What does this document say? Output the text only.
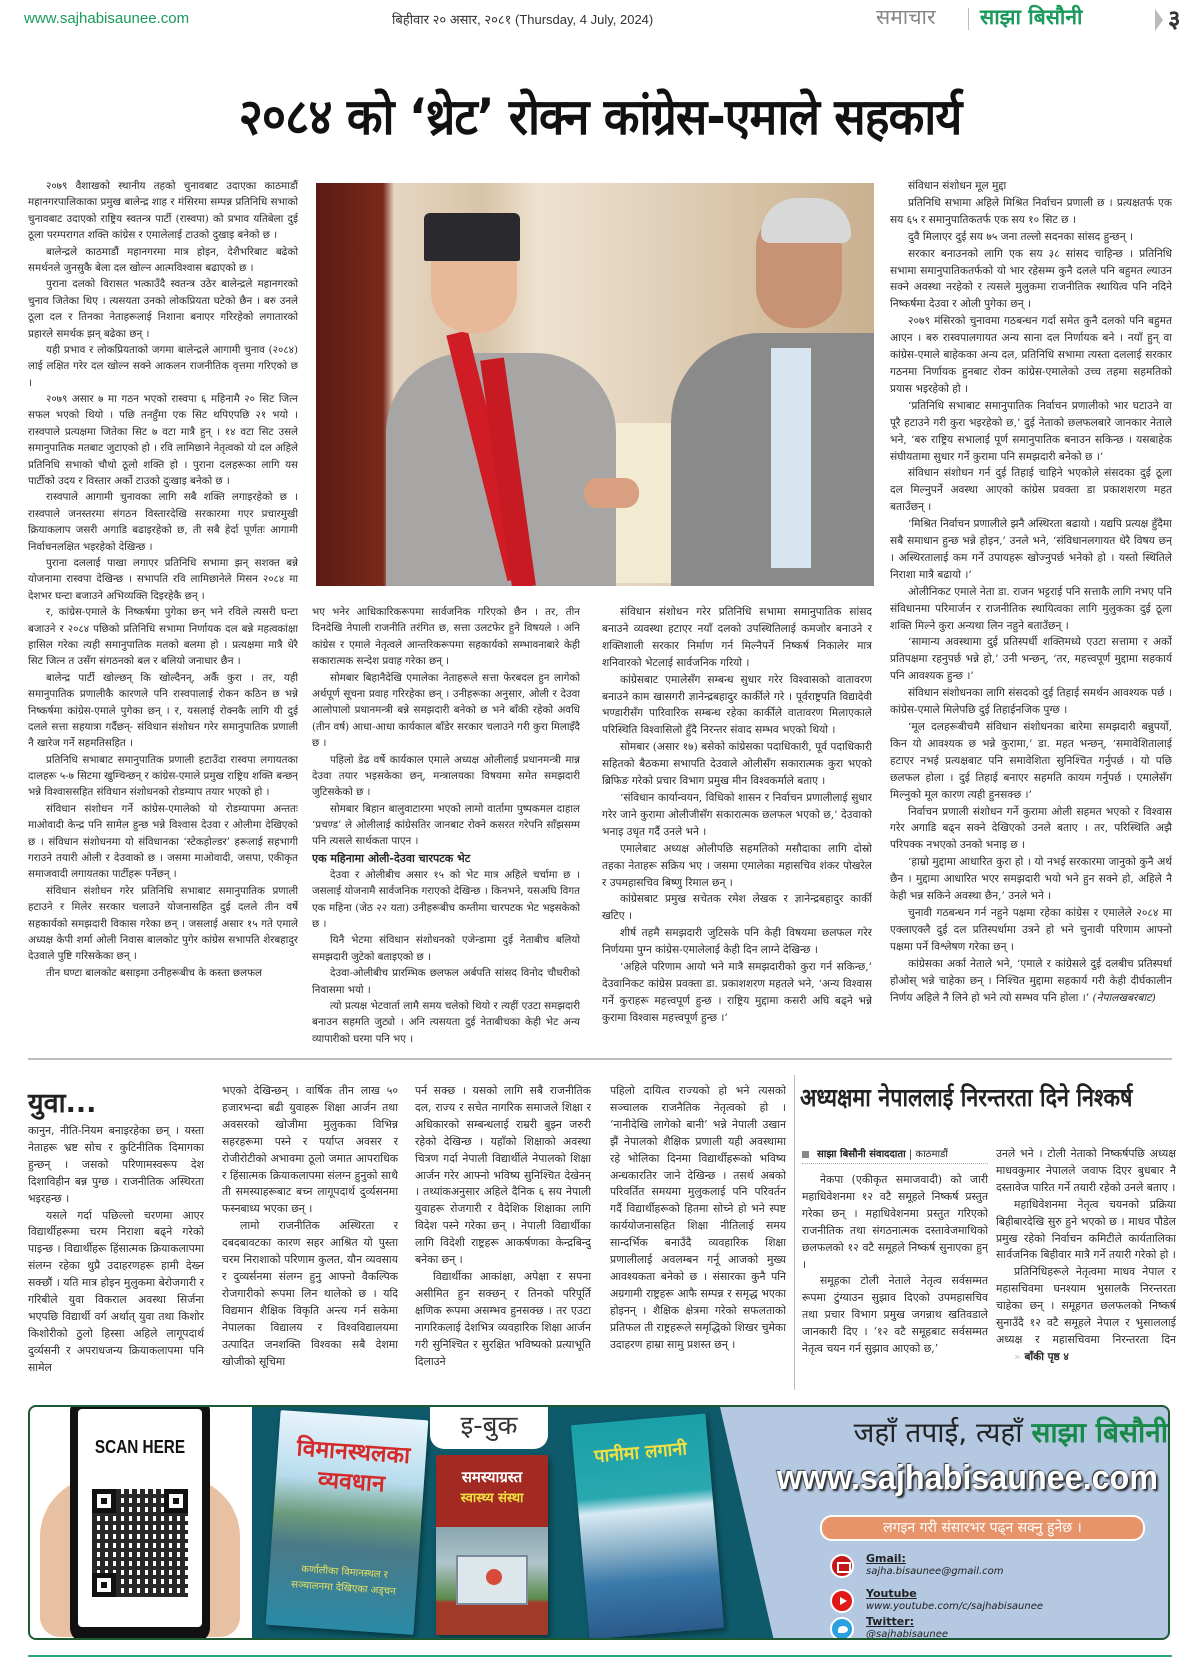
www.sajhabisaunee.com	बिहीवार २० असार, २०८१ (Thursday, 4 July, 2024)	समाचार साझा बिसौनी	३
२०८४ को ‘थ्रेट’ रोक्न कांग्रेस-एमाले सहकार्य

२०७९ वैशाखको स्थानीय तहको चुनावबाट उदाएका काठमाडौं महानगरपालिकाका प्रमुख बालेन्द्र शाह र मंसिरमा सम्पन्न प्रतिनिधि सभाको चुनावबाट उदाएको राष्ट्रिय स्वतन्त्र पार्टी (रास्वपा) को प्रभाव यतिबेला दुई ठूला परम्परागत शक्ति कांग्रेस र एमालेलाई टाउको दुखाइ बनेको छ ।

बालेन्द्रले काठमाडौं महानगरमा मात्र होइन, देशैभरिबाट बढेको समर्थनले जुनसुकै बेला दल खोल्न आत्मविश्वास बढाएको छ ।

पुराना दलको विरासत भत्काउँदै स्वतन्त्र उठेर बालेन्द्रले महानगरको चुनाव जितेका थिए । त्यसयता उनको लोकप्रियता घटेको छैन । बरु उनले ठूला दल र तिनका नेताहरूलाई निशाना बनाएर गरिरहेको लगातारको प्रहारले समर्थक झन् बढेका छन् ।

यही प्रभाव र लोकप्रियताको जगमा बालेन्द्रले आगामी चुनाव (२०८४) लाई लक्षित गरेर दल खोल्न सक्ने आकलन राजनीतिक वृत्तमा गरिएको छ ।

२०७९ असार ७ मा गठन भएको रास्वपा ६ महिनामै २० सिट जित्न सफल भएको थियो । पछि तनहुँमा एक सिट थपिएपछि २१ भयो । रास्वपाले प्रत्यक्षमा जितेका सिट ७ वटा मात्रै हुन् । १४ वटा सिट उसले समानुपातिक मतबाट जुटाएको हो । रवि लामिछाने नेतृत्वको यो दल अहिले प्रतिनिधि सभाको चौथो ठूलो शक्ति हो । पुराना दलहरूका लागि यस पार्टीको उदय र विस्तार अर्को टाउको दुःखाइ बनेको छ ।

रास्वपाले आगामी चुनावका लागि सबै शक्ति लगाइरहेको छ । रास्वपाले जनस्तरमा संगठन विस्तारदेखि सरकारमा गएर प्रचारमुखी क्रियाकलाप जसरी अगाडि बढाइरहेको छ, ती सबै हेर्दा पूर्णतः आगामी निर्वाचनलक्षित भइरहेको देखिन्छ ।

पुराना दललाई पाखा लगाएर प्रतिनिधि सभामा झन् सशक्त बन्ने योजनामा रास्वपा देखिन्छ । सभापति रवि लामिछानेले मिसन २०८४ मा देशभर घन्टा बजाउने अभिव्यक्ति दिइरहेकै छन् ।

र, कांग्रेस-एमाले के निष्कर्षमा पुगेका छन् भने रविले त्यसरी घन्टा बजाउने र २०८४ पछिको प्रतिनिधि सभामा निर्णायक दल बन्ने महत्वकांक्षा हासिल गरेका त्यही समानुपातिक मतको बलमा हो । प्रत्यक्षमा मात्रै धेरै सिट जित्न त उसँग संगठनको बल र बलियो जनाधार छैन ।

बालेन्द्र पार्टी खोल्छन् कि खोल्दैनन्, अर्कै कुरा । तर, यही समानुपातिक प्रणालीकै कारणले पनि रास्वपालाई रोकन कठिन छ भन्ने निष्कर्षमा कांग्रेस-एमाले पुगेका छन् । र, यसलाई रोक्नकै लागि यी दुई दलले सत्ता सहयात्रा गर्दैछन्- संविधान संशोधन गरेर समानुपातिक प्रणाली नै खारेज गर्ने सहमतिसहित ।

प्रतिनिधि सभाबाट समानुपातिक प्रणाली हटाउँदा रास्वपा लगायतका दालहरू ५-७ सिटमा खुम्चिन्छन् र कांग्रेस-एमाले प्रमुख राष्ट्रिय शक्ति बन्छन् भन्ने विश्वाससहित संविधान संशोधनको रोडम्याप तयार भएको हो ।

संविधान संशोधन गर्ने कांग्रेस-एमालेको यो रोडम्यापमा अन्ततः माओवादी केन्द्र पनि सामेल हुन्छ भन्ने विश्वास देउवा र ओलीमा देखिएको छ । संविधान संशोधनमा यो संविधानका ‘स्टेकहोल्डर’ हरूलाई सहभागी गराउने तयारी ओली र देउवाको छ । जसमा माओवादी, जसपा, एकीकृत समाजवादी लगायतका पार्टीहरू पर्नेछन् ।

संविधान संशोधन गरेर प्रतिनिधि सभाबाट समानुपातिक प्रणाली हटाउने र मिलेर सरकार चलाउने योजनासहित दुई दलले तीन वर्षे सहकार्यको समझदारी विकास गरेका छन् । जसलाई असार १५ गते एमाले अध्यक्ष केपी शर्मा ओली निवास बालकोट पुगेर कांग्रेस सभापति शेरबहादुर देउवाले पुष्टि गरिसकेका छन् ।

तीन घण्टा बालकोट बसाइमा उनीहरूबीच के कस्ता छलफल

भए भनेर आधिकारिकरूपमा सार्वजनिक गरिएको छैन । तर, तीन दिनदेखि नेपाली राजनीति तरंगित छ, सत्ता उलटफेर हुने विषयले । अनि कांग्रेस र एमाले नेतृत्वले आन्तरिकरूपमा सहकार्यको सम्भावनाबारे केही सकारात्मक सन्देश प्रवाह गरेका छन् ।

सोमबार बिहानैदेखि एमालेका नेताहरूले सत्ता फेरबदल हुन लागेको अर्थपूर्ण सूचना प्रवाह गरिरहेका छन् । उनीहरूका अनुसार, ओली र देउवा आलोपालो प्रधानमन्त्री बन्ने समझदारी बनेको छ भने बाँकी रहेको अवधि (तीन वर्ष) आधा-आधा कार्यकाल बाँडेर सरकार चलाउने गरी कुरा मिलाइँदै छ ।

पहिलो डेढ वर्षे कार्यकाल एमाले अध्यक्ष ओलीलाई प्रधानमन्त्री मान्न देउवा तयार भइसकेका छन्, मन्त्रालयका विषयमा समेत समझदारी जुटिसकेको छ ।

सोमबार बिहान बालुवाटारमा भएको लामो वार्तामा पुष्पकमल दाहाल ‘प्रचण्ड’ ले ओलीलाई कांग्रेसतिर जानबाट रोक्ने कसरत गरेपनि साँझसम्म पनि त्यसले सार्थकता पाएन ।

एक महिनामा ओली-देउवा चारपटक भेट

देउवा र ओलीबीच असार १५ को भेट मात्र अहिले चर्चामा छ । जसलाई योजनामै सार्वजनिक गराएको देखिन्छ । किनभने, यसअघि विगत एक महिना (जेठ २२ यता) उनीहरूबीच कम्तीमा चारपटक भेट भइसकेको छ ।

यिनै भेटमा संविधान संशोधनको एजेन्डामा दुई नेताबीच बलियो समझदारी जुटेको बताइएको छ ।

देउवा-ओलीबीच प्रारम्भिक छलफल अर्बपति सांसद विनोद चौधरीको निवासमा भयो ।

त्यो प्रत्यक्ष भेटवार्ता लामै समय चलेको थियो र त्यहीं एउटा समझदारी बनाउन सहमति जुट्यो । अनि त्यसयता दुई नेताबीचका केही भेट अन्य व्यापारीको घरमा पनि भए ।

संविधान संशोधन गरेर प्रतिनिधि सभामा समानुपातिक सांसद बनाउने व्यवस्था हटाएर नयाँ दलको उपस्थितिलाई कमजोर बनाउने र शक्तिशाली सरकार निर्माण गर्न मिल्नैपर्ने निष्कर्ष निकालेर मात्र शनिवारको भेटलाई सार्वजनिक गरियो ।

कांग्रेसबाट एमालेसँग सम्बन्ध सुधार गरेर विश्वासको वातावरण बनाउने काम खासगरी ज्ञानेन्द्रबहादुर कार्कीले गरे । पूर्वराष्ट्रपति विद्यादेवी भण्डारीसँग पारिवारिक सम्बन्ध रहेका कार्कीले वातावरण मिलाएकाले परिस्थिति विश्वासिलो हुँदै निरन्तर संवाद सम्भव भएको थियो ।

सोमबार (असार १७) बसेको कांग्रेसका पदाधिकारी, पूर्व पदाधिकारी सहितको बैठकमा सभापति देउवाले ओलीसँग सकारात्मक कुरा भएको ब्रिफिङ गरेको प्रचार विभाग प्रमुख मीन विश्वकर्माले बताए ।

‘संविधान कार्यान्वयन, विधिको शासन र निर्वाचन प्रणालीलाई सुधार गरेर जाने कुरामा ओलीजीसँग सकारात्मक छलफल भएको छ,’ देउवाको भनाइ उधृत गर्दै उनले भने ।

एमालेबाट अध्यक्ष ओलीपछि सहमतिको मसौदाका लागि दोस्रो तहका नेताहरू सक्रिय भए । जसमा एमालेका महासचिव शंकर पोखरेल र उपमहासचिव बिष्णु रिमाल छन् ।

कांग्रेसबाट प्रमुख सचेतक रमेश लेखक र ज्ञानेन्द्रबहादुर कार्की खटिए ।

शीर्ष तहमै समझदारी जुटिसके पनि केही विषयमा छलफल गरेर निर्णयमा पुग्न कांग्रेस-एमालेलाई केही दिन लाग्ने देखिन्छ ।

‘अहिले परिणाम आयो भने मात्रै समझदारीको कुरा गर्न सकिन्छ,’ देउवानिकट कांग्रेस प्रवक्ता डा. प्रकाशशरण महतले भने, ‘अन्य विश्वास गर्ने कुराहरू महत्त्वपूर्ण हुन्छ । राष्ट्रिय मुद्दामा कसरी अघि बढ्ने भन्ने कुरामा विश्वास महत्त्वपूर्ण हुन्छ ।’

संविधान संशोधन मूल मुद्दा

प्रतिनिधि सभामा अहिले मिश्रित निर्वाचन प्रणाली छ । प्रत्यक्षतर्फ एक सय ६५ र समानुपातिकतर्फ एक सय १० सिट छ ।

दुवै मिलाएर दुई सय ७५ जना तल्लो सदनका सांसद हुन्छन् ।

सरकार बनाउनको लागि एक सय ३८ सांसद चाहिन्छ । प्रतिनिधि सभामा समानुपातिकतर्फको यो भार रहेसम्म कुनै दलले पनि बहुमत ल्याउन सक्ने अवस्था नरहेको र त्यसले मुलुकमा राजनीतिक स्थायित्व पनि नदिने निष्कर्षमा देउवा र ओली पुगेका छन् ।

२०७९ मंसिरको चुनावमा गठबन्धन गर्दा समेत कुनै दलको पनि बहुमत आएन । बरु रास्वपालगायत अन्य साना दल निर्णायक बने । नयाँ हुन् वा कांग्रेस-एमाले बाहेकका अन्य दल, प्रतिनिधि सभामा त्यस्ता दललाई सरकार गठनमा निर्णायक हुनबाट रोक्न कांग्रेस-एमालेको उच्च तहमा सहमतिको प्रयास भइरहेको हो ।

‘प्रतिनिधि सभाबाट समानुपातिक निर्वाचन प्रणालीको भार घटाउने वा पूरै हटाउने गरी कुरा भइरहेको छ,’ दुई नेताको छलफलबारे जानकार नेताले भने, ‘बरु राष्ट्रिय सभालाई पूर्ण समानुपातिक बनाउन सकिन्छ । यसबाहेक संघीयतामा सुधार गर्ने कुरामा पनि समझदारी बनेको छ ।’

संविधान संशोधन गर्न दुई तिहाई चाहिने भएकोले संसदका दुई ठूला दल मिल्नुपर्ने अवस्था आएको कांग्रेस प्रवक्ता डा प्रकाशशरण महत बताउँछन् ।

‘मिश्रित निर्वाचन प्रणालीले झनै अस्थिरता बढायो । यद्यपि प्रत्यक्ष हुँदैमा सबै समाधान हुन्छ भन्ने होइन,’ उनले भने, ‘संविधानलगायत धेरै विषय छन् । अस्थिरतालाई कम गर्ने उपायहरू खोज्नुपर्छ भनेको हो । यस्तो स्थितिले निराशा मात्रै बढायो ।’

ओलीनिकट एमाले नेता डा. राजन भट्टराई पनि सत्ताकै लागि नभए पनि संविधानमा परिमार्जन र राजनीतिक स्थायित्वका लागि मुलुकका दुई ठूला शक्ति मिल्ने कुरा अन्यथा लिन नहुने बताउँछन् ।

‘सामान्य अवस्थामा दुई प्रतिस्पर्धी शक्तिमध्ये एउटा सत्तामा र अर्को प्रतिपक्षमा रहनुपर्छ भन्ने हो,’ उनी भन्छन्, ‘तर, महत्त्वपूर्ण मुद्दामा सहकार्य पनि आवश्यक हुन्छ ।’

संविधान संशोधनका लागि संसदको दुई तिहाई समर्थन आवश्यक पर्छ । कांग्रेस-एमाले मिलेपछि दुई तिहाईनजिक पुग्छ ।

‘मूल दलहरूबीचमै संविधान संशोधनका बारेमा समझदारी बन्नुपर्यो, किन यो आवश्यक छ भन्ने कुरामा,’ डा. महत भन्छन्, ‘समावेशितालाई हटाएर नभई प्रत्यक्षबाट पनि समावेशिता सुनिश्चित गर्नुपर्छ । यो पछि छलफल होला । दुई तिहाई बनाएर सहमति कायम गर्नुपर्छ । एमालेसँग मिल्नुको मूल कारण त्यही हुनसक्छ ।’

निर्वाचन प्रणाली संशोधन गर्ने कुरामा ओली सहमत भएको र विश्वास गरेर अगाडि बढ्न सक्ने देखिएको उनले बताए । तर, परिस्थिति अझै परिपक्क नभएको उनको भनाइ छ ।

‘हाम्रो मुद्दामा आधारित कुरा हो । यो नभई सरकारमा जानुको कुनै अर्थ छैन । मुद्दामा आधारित भएर समझदारी भयो भने हुन सक्ने हो, अहिले नै केही भन्न सकिने अवस्था छैन,’ उनले भने ।

चुनावी गठबन्धन गर्न नहुने पक्षमा रहेका कांग्रेस र एमालेले २०८४ मा एक्लाएक्लै दुई दल प्रतिस्पर्धामा उत्रने हो भने चुनावी परिणाम आफ्नो पक्षमा पर्ने विश्लेषण गरेका छन् ।

कांग्रेसका अर्का नेताले भने, ‘एमाले र कांग्रेसले दुई दलबीच प्रतिस्पर्धा होओस् भन्ने चाहेका छन् । निश्चित मुद्दामा सहकार्य गरी केही दीर्घकालीन निर्णय अहिले नै लिने हो भने त्यो सम्भव पनि होला ।’ (नेपालखबरबाट)

युवा...

कानुन, नीति-नियम बनाइरहेका छन् । यस्ता नेताहरू भ्रष्ट सोच र कुटिनीतिक दिमागका हुन्छन् । जसको परिणामस्वरूप देश दिशाविहीन बन्न पुग्छ । राजनीतिक अस्थिरता भइरहन्छ ।

यसले गर्दा पछिल्लो चरणमा आएर विद्यार्थीहरूमा चरम निराशा बढ्ने गरेको पाइन्छ । विद्यार्थीहरू हिंसात्मक क्रियाकलापमा संलग्न रहेका थुप्रै उदाहरणहरू हामी देख्न सक्छौं । यति मात्र होइन मुलुकमा बेरोजगारी र गरिबीले युवा विकराल अवस्था सिर्जना भएपछि विद्यार्थी वर्ग अर्थात् युवा तथा किशोर किशोरीको ठुलो हिस्सा अहिले लागूपदार्थ दुर्व्यसनी र अपराधजन्य क्रियाकलापमा पनि सामेल

भएको देखिन्छन् । वार्षिक तीन लाख ५० हजारभन्दा बढी युवाहरू शिक्षा आर्जन तथा अवसरको खोजीमा मुलुकका विभिन्न सहरहरूमा पस्ने र पर्याप्त अवसर र रोजीरोटीको अभावमा ठूलो जमात आपराधिक र हिंसात्मक क्रियाकलापमा संलग्न हुनुको साथै ती समस्याहरूबाट बच्न लागूपदार्थ दुर्व्यसनमा फस्नबाध्य भएका छन् ।

लामो राजनीतिक अस्थिरता र दबदबावटका कारण सहर आश्रित यो पुस्ता चरम निराशाको परिणाम कुलत, यौन व्यवसाय र दुव्यर्सनमा संलग्न हुनु आफ्नो वैकल्पिक रोजगारीको रूपमा लिन थालेको छ । यदि विद्यमान शैक्षिक विकृति अन्त्य गर्न सकेमा नेपालका विद्यालय र विश्वविद्यालयमा उत्पादित जनशक्ति विश्वका सबै देशमा खोजीको सूचिमा

पर्न सक्छ । यसको लागि सबै राजनीतिक दल, राज्य र सचेत नागरिक समाजले शिक्षा र अधिकारको सम्बन्धलाई राम्ररी बुझ्न जरुरी रहेको देखिन्छ । यहाँको शिक्षाको अवस्था चित्रण गर्दा नेपाली विद्यार्थीले नेपालको शिक्षा आर्जन गरेर आफ्नो भविष्य सुनिश्चित देखेनन् । तथ्यांकअनुसार अहिले दैनिक ६ सय नेपाली युवाहरू रोजगारी र वैदेशिक शिक्षाका लागि विदेश पस्ने गरेका छन् । नेपाली विद्यार्थीका लागि विदेशी राष्ट्रहरू आकर्षणका केन्द्रबिन्दु बनेका छन् ।

विद्यार्थीका आकांक्षा, अपेक्षा र सपना असीमित हुन सक्छन् र तिनको परिपूर्ति क्षणिक रूपमा असम्भव हुनसक्छ । तर एउटा नागरिकलाई देशभित्र व्यवहारिक शिक्षा आर्जन गरी सुनिश्चित र सुरक्षित भविष्यको प्रत्याभूति दिलाउने

पहिलो दायित्व राज्यको हो भने त्यसको सञ्चालक राजनैतिक नेतृत्वको हो । ‘नानीदेखि लागेको बानी’ भन्ने नेपाली उखान झैं नेपालको शैक्षिक प्रणाली यही अवस्थामा रहे भोलिका दिनमा विद्यार्थीहरूको भविष्य अन्धकारतिर जाने देखिन्छ । तसर्थ अबको परिवर्तित समयमा मुलुकलाई पनि परिवर्तन गर्दै विद्यार्थीहरूको हितमा सोच्ने हो भने स्पष्ट कार्ययोजनासहित शिक्षा नीतिलाई समय सान्दर्भिक बनाउँदै व्यवहारिक शिक्षा प्रणालीलाई अवलम्बन गर्नू आजको मुख्य आवश्यकता बनेको छ । संसारका कुनै पनि अग्रगामी राष्ट्रहरू आफै सम्पन्न र समृद्ध भएका होइनन् । शैक्षिक क्षेत्रमा गरेको सफलताको प्रतिफल ती राष्ट्रहरूले समृद्धिको शिखर चुमेका उदाहरण हाम्रा सामु प्रशस्त छन् ।

अध्यक्षमा नेपाललाई निरन्तरता दिने निश्कर्ष
साझा बिसौनी संवाददाता | काठमाडौं

नेकपा (एकीकृत समाजवादी) को जारी महाधिवेशनमा १२ वटै समूहले निष्कर्ष प्रस्तुत गरेका छन् । महाधिवेशनमा प्रस्तुत गरिएको राजनीतिक तथा संगठनात्मक दस्तावेजमाथिको छलफलको १२ वटै समूहले निष्कर्ष सुनाएका हुन् ।

समूहका टोली नेताले नेतृत्व सर्वसम्मत रूपमा टुंग्याउन सुझाव दिएको उपमहासचिव तथा प्रचार विभाग प्रमुख जगन्नाथ खतिवडाले जानकारी दिए । ‘१२ वटै समूहबाट सर्वसम्मत नेतृत्व चयन गर्न सुझाव आएको छ,’

उनले भने । टोली नेताको निष्कर्षपछि अध्यक्ष माधवकुमार नेपालले जवाफ दिएर बुधबार नै दस्तावेज पारित गर्ने तयारी रहेको उनले बताए ।

महाधिवेशनमा नेतृत्व चयनको प्रक्रिया बिहीबारदेखि सुरु हुने भएको छ । माधव पौडेल प्रमुख रहेको निर्वाचन कमिटीले कार्यतालिका सार्वजनिक बिहीवार मात्रै गर्ने तयारी गरेको हो ।

प्रतिनिधिहरूले नेतृत्वमा माधव नेपाल र महासचिवमा घनश्याम भुसालकै निरन्तरता चाहेका छन् । समूहगत छलफलको निष्कर्ष सुनाउँदै १२ वटै समूहले नेपाल र भुसाललाई अध्यक्ष र महासचिवमा निरन्तरता दिन » बाँकी पृष्ठ ४

SCAN HERE	विमानस्थलका व्यवधान
कर्णालीका विमानस्थल र सञ्चालनमा देखिएका अड्चन
इ-बुक
समस्याग्रस्त
स्वास्थ्य संस्था
पानीमा लगानी
जहाँ तपाई, त्यहाँ साझा बिसौनी
www.sajhabisaunee.com
लगइन गरी संसारभर पढ्न सक्नु हुनेछ ।
Gmail:
sajha.bisaunee@gmail.com
Youtube
www.youtube.com/c/sajhabisaunee
Twitter:
@sajhabisaunee
